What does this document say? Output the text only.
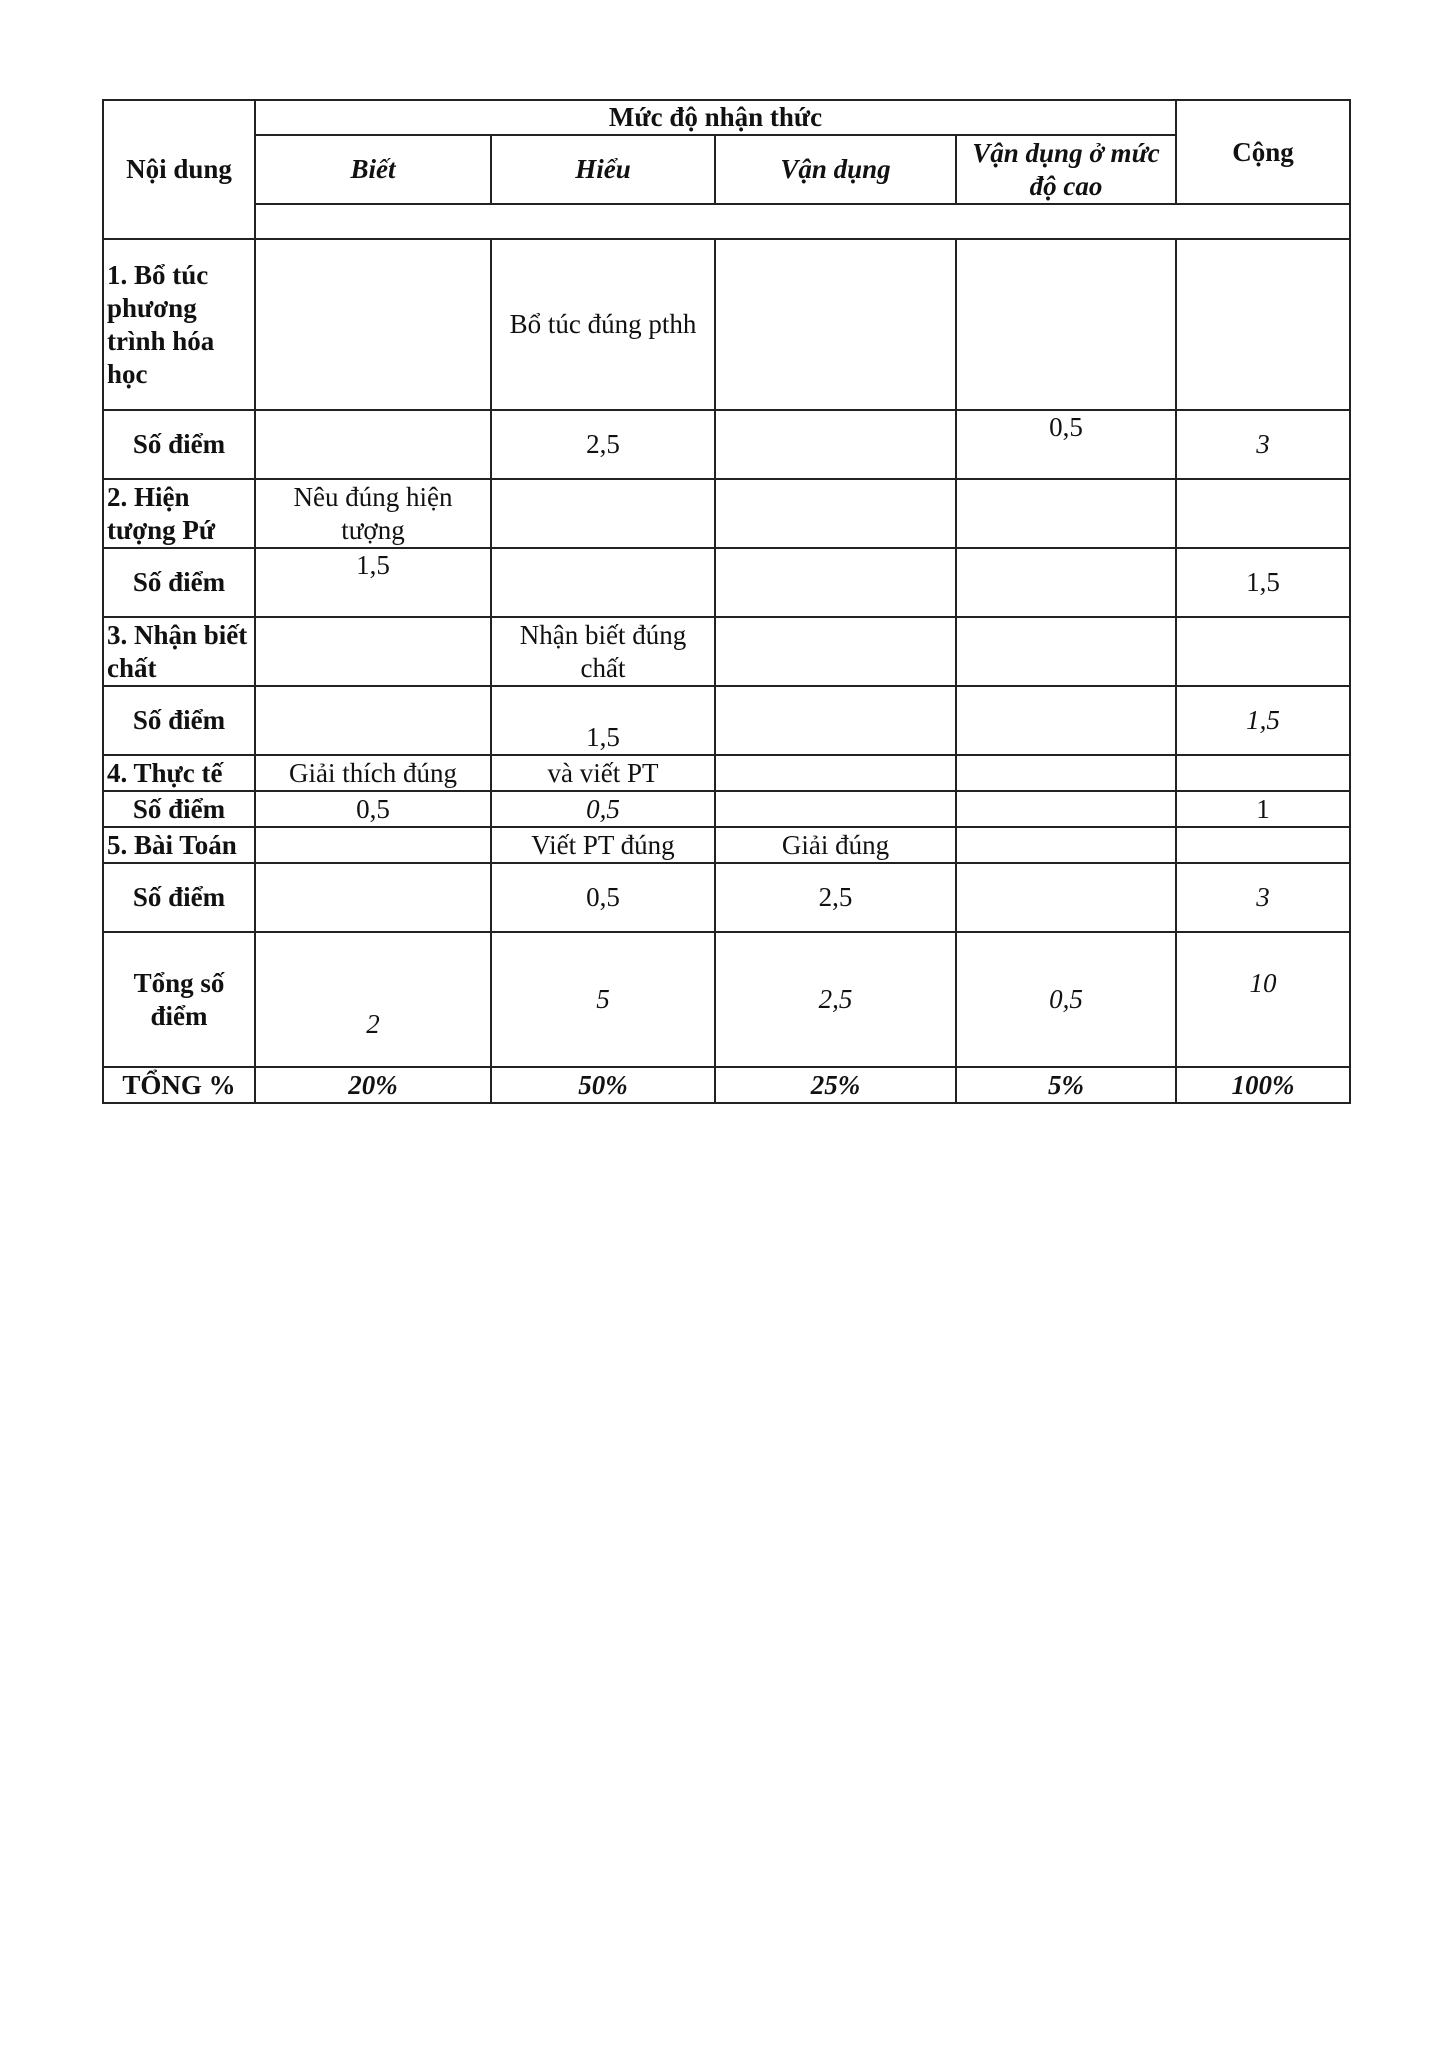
Nội dung	Mức độ nhận thức				Cộng
	Biết	Hiểu	Vận dụng	Vận dụng ở mức độ cao	

1. Bổ túc phương trình hóa học		Bổ túc đúng pthh			
Số điểm		2,5		0,5	3
2. Hiện tượng Pứ	Nêu đúng hiện tượng				
Số điểm	1,5				1,5
3. Nhận biết chất		Nhận biết đúng chất			
Số điểm		1,5			1,5
4. Thực tế	Giải thích đúng	và viết PT			
Số điểm	0,5	0,5			1
5. Bài Toán		Viết PT đúng	Giải đúng		
Số điểm		0,5	2,5		3
Tổng số điểm	2	5	2,5	0,5	10
TỔNG %	20%	50%	25%	5%	100%
